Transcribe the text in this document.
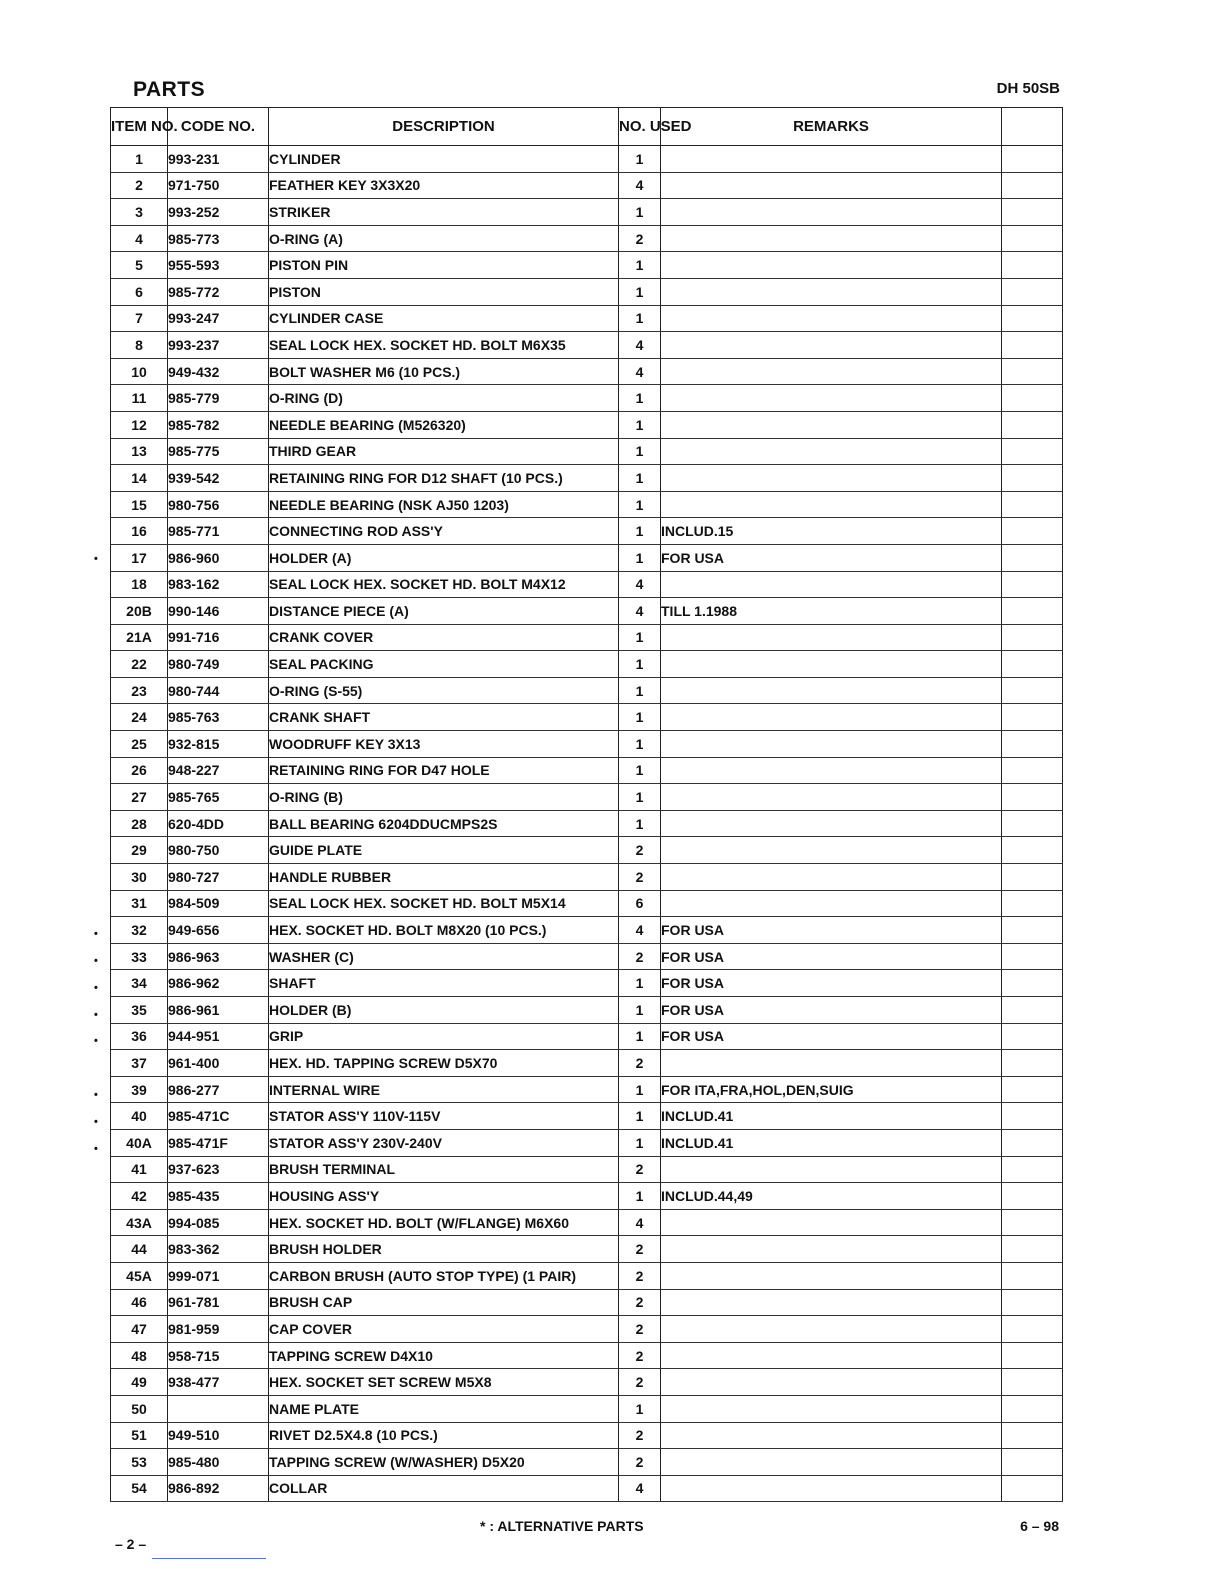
PARTS	DH 50SB
ITEM NO.	CODE NO.	DESCRIPTION	NO. USED	REMARKS	
1	993-231	CYLINDER	1		
2	971-750	FEATHER KEY 3X3X20	4		
3	993-252	STRIKER	1		
4	985-773	O-RING (A)	2		
5	955-593	PISTON PIN	1		
6	985-772	PISTON	1		
7	993-247	CYLINDER CASE	1		
8	993-237	SEAL LOCK HEX. SOCKET HD. BOLT M6X35	4		
10	949-432	BOLT WASHER M6 (10 PCS.)	4		
11	985-779	O-RING (D)	1		
12	985-782	NEEDLE BEARING (M526320)	1		
13	985-775	THIRD GEAR	1		
14	939-542	RETAINING RING FOR D12 SHAFT (10 PCS.)	1		
15	980-756	NEEDLE BEARING (NSK AJ50 1203)	1		
16	985-771	CONNECTING ROD ASS'Y	1	INCLUD.15	
17	986-960	HOLDER (A)	1	FOR USA	
18	983-162	SEAL LOCK HEX. SOCKET HD. BOLT M4X12	4		
20B	990-146	DISTANCE PIECE (A)	4	TILL 1.1988	
21A	991-716	CRANK COVER	1		
22	980-749	SEAL PACKING	1		
23	980-744	O-RING (S-55)	1		
24	985-763	CRANK SHAFT	1		
25	932-815	WOODRUFF KEY 3X13	1		
26	948-227	RETAINING RING FOR D47 HOLE	1		
27	985-765	O-RING (B)	1		
28	620-4DD	BALL BEARING 6204DDUCMPS2S	1		
29	980-750	GUIDE PLATE	2		
30	980-727	HANDLE RUBBER	2		
31	984-509	SEAL LOCK HEX. SOCKET HD. BOLT M5X14	6		
32	949-656	HEX. SOCKET HD. BOLT M8X20 (10 PCS.)	4	FOR USA	
33	986-963	WASHER (C)	2	FOR USA	
34	986-962	SHAFT	1	FOR USA	
35	986-961	HOLDER (B)	1	FOR USA	
36	944-951	GRIP	1	FOR USA	
37	961-400	HEX. HD. TAPPING SCREW D5X70	2		
39	986-277	INTERNAL WIRE	1	FOR ITA,FRA,HOL,DEN,SUIG	
40	985-471C	STATOR ASS'Y 110V-115V	1	INCLUD.41	
40A	985-471F	STATOR ASS'Y 230V-240V	1	INCLUD.41	
41	937-623	BRUSH TERMINAL	2		
42	985-435	HOUSING ASS'Y	1	INCLUD.44,49	
43A	994-085	HEX. SOCKET HD. BOLT (W/FLANGE) M6X60	4		
44	983-362	BRUSH HOLDER	2		
45A	999-071	CARBON BRUSH (AUTO STOP TYPE) (1 PAIR)	2		
46	961-781	BRUSH CAP	2		
47	981-959	CAP COVER	2		
48	958-715	TAPPING SCREW D4X10	2		
49	938-477	HEX. SOCKET SET SCREW M5X8	2		
50		NAME PLATE	1		
51	949-510	RIVET D2.5X4.8 (10 PCS.)	2		
53	985-480	TAPPING SCREW (W/WASHER) D5X20	2		
54	986-892	COLLAR	4		
•
•
•
•
•
•
•
•
•
* : ALTERNATIVE PARTS
– 2 –
6 – 98
